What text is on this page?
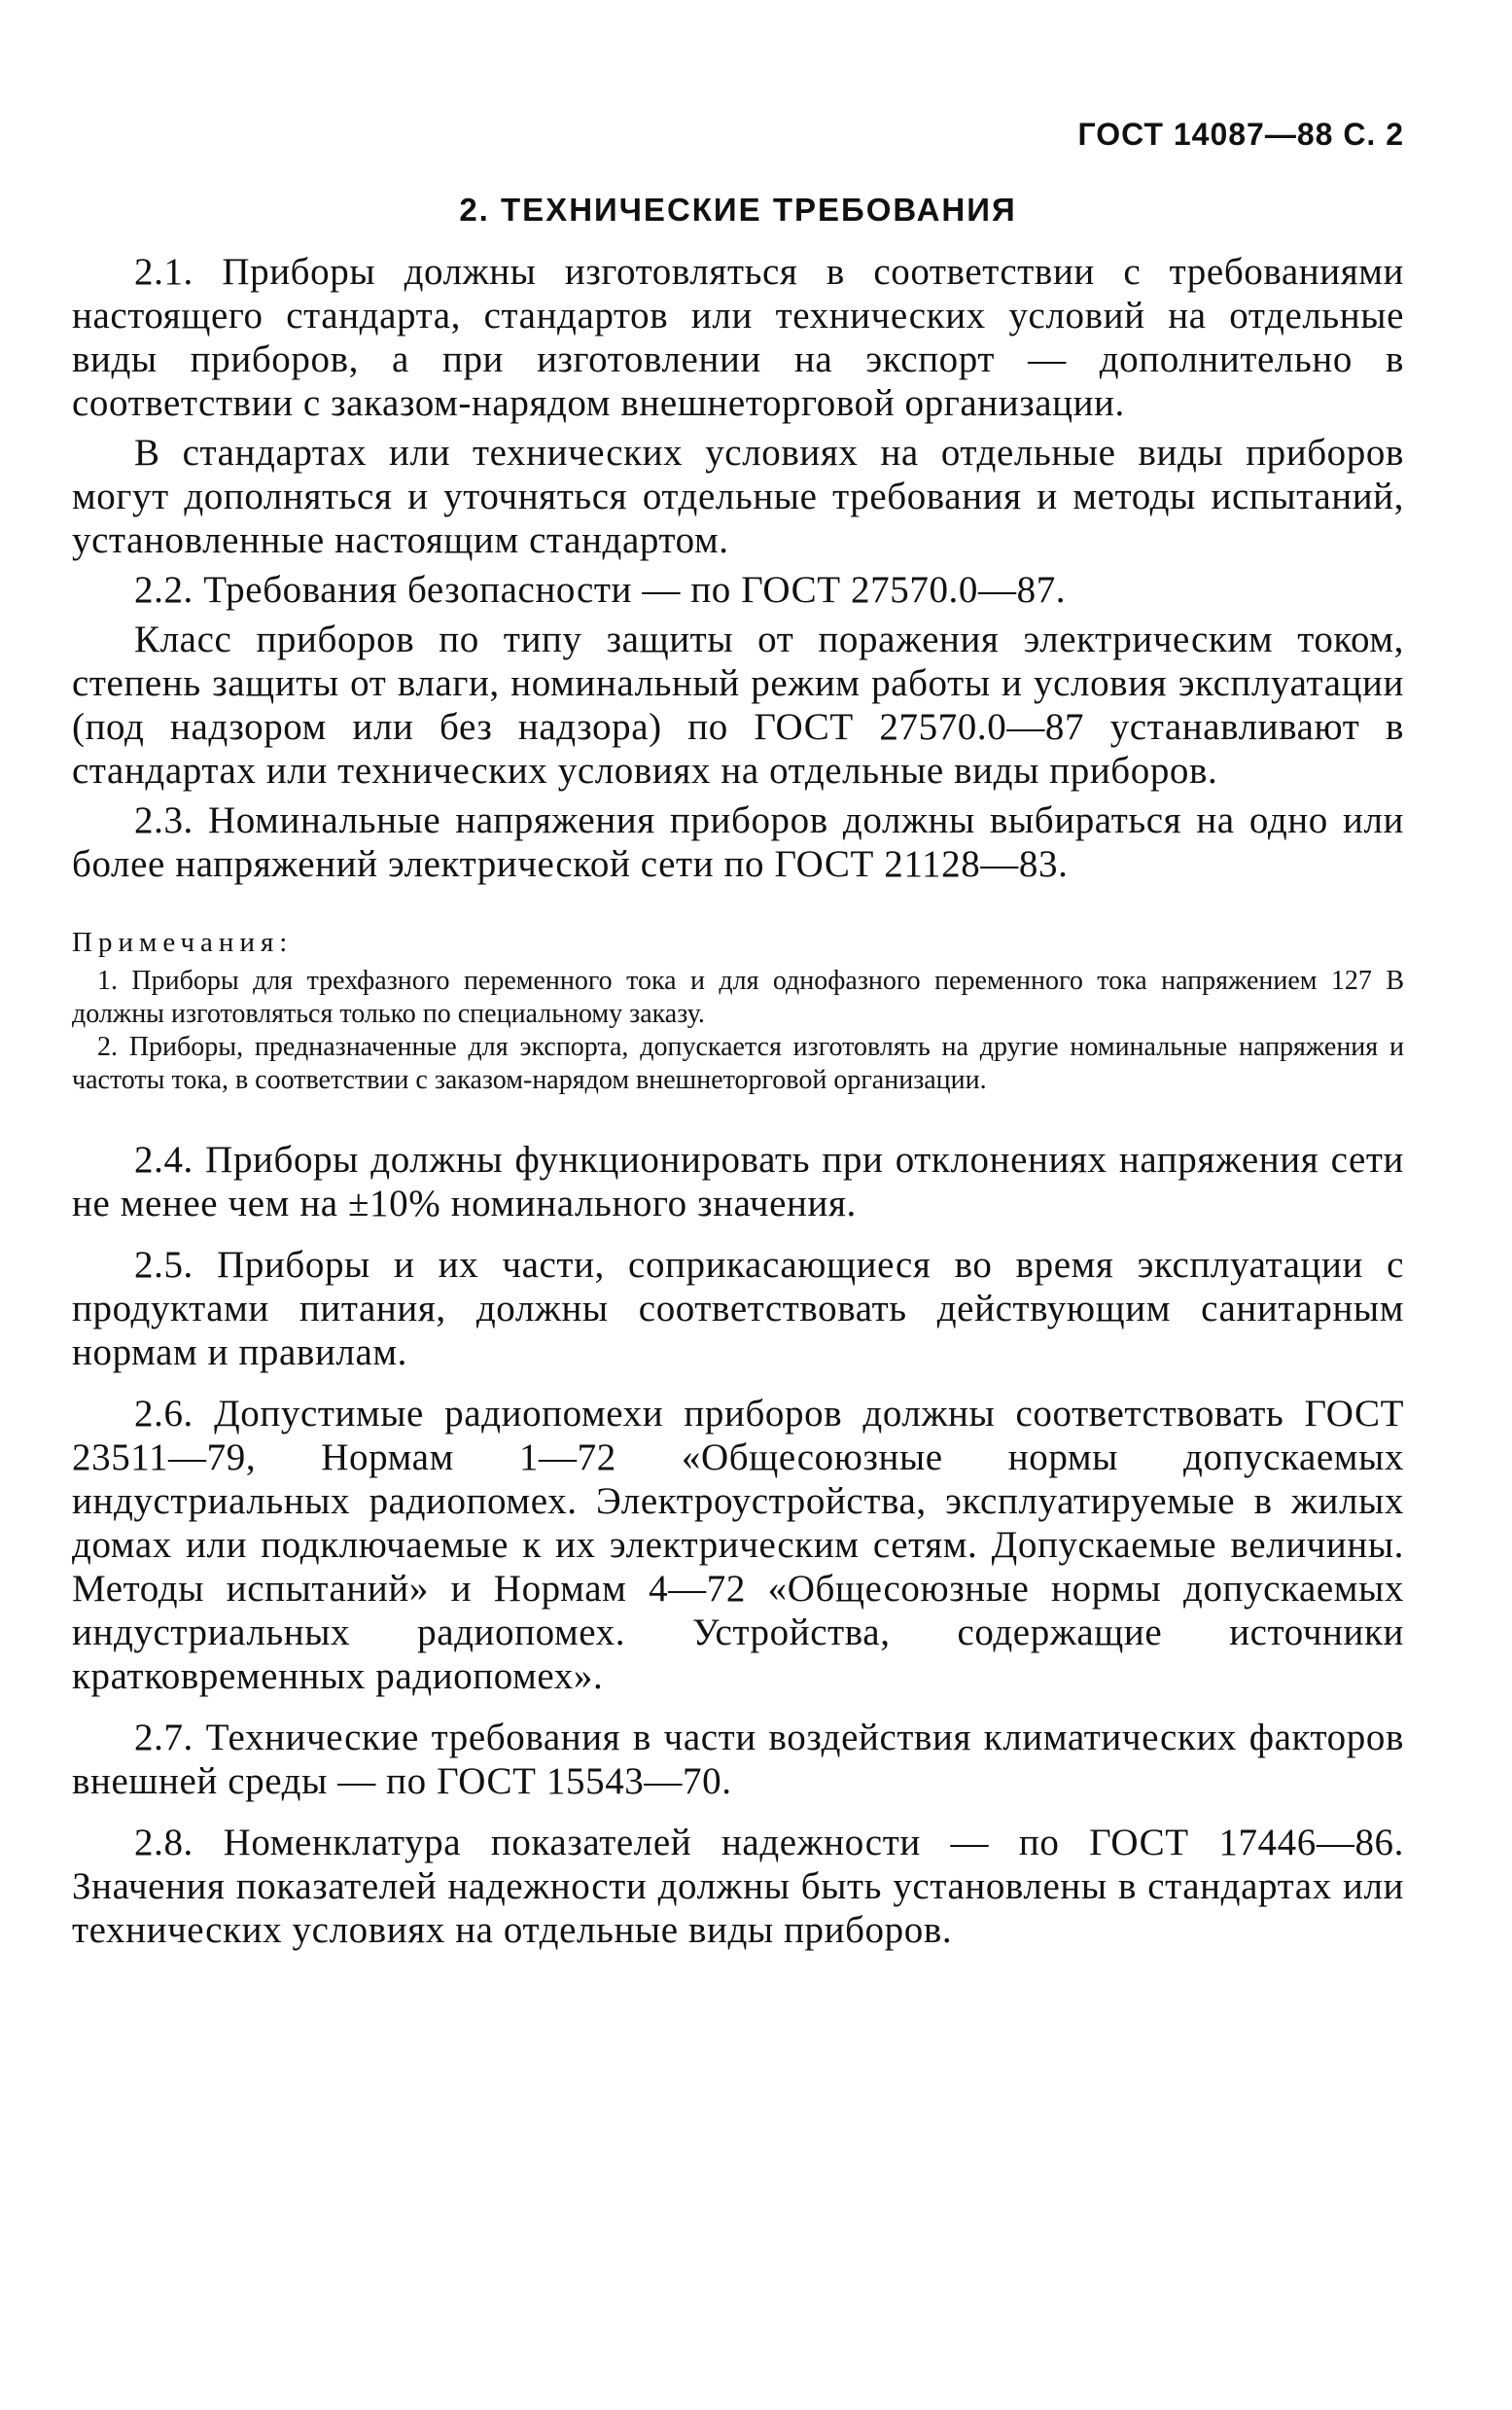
ГОСТ 14087—88 С. 2
2. ТЕХНИЧЕСКИЕ ТРЕБОВАНИЯ

2.1. Приборы должны изготовляться в соответствии с требованиями настоящего стандарта, стандартов или технических условий на отдельные виды приборов, а при изготовлении на экспорт — дополнительно в соответствии с заказом-нарядом внешнеторговой организации.

В стандартах или технических условиях на отдельные виды приборов могут дополняться и уточняться отдельные требования и методы испытаний, установленные настоящим стандартом.

2.2. Требования безопасности — по ГОСТ 27570.0—87.

Класс приборов по типу защиты от поражения электрическим током, степень защиты от влаги, номинальный режим работы и условия эксплуатации (под надзором или без надзора) по ГОСТ 27570.0—87 устанавливают в стандартах или технических условиях на отдельные виды приборов.

2.3. Номинальные напряжения приборов должны выбираться на одно или более напряжений электрической сети по ГОСТ 21128—83.

Примечания:

1. Приборы для трехфазного переменного тока и для однофазного переменного тока напряжением 127 В должны изготовляться только по специальному заказу.

2. Приборы, предназначенные для экспорта, допускается изготовлять на другие номинальные напряжения и частоты тока, в соответствии с заказом-нарядом внешнеторговой организации.

2.4. Приборы должны функционировать при отклонениях напряжения сети не менее чем на ±10% номинального значения.

2.5. Приборы и их части, соприкасающиеся во время эксплуатации с продуктами питания, должны соответствовать действующим санитарным нормам и правилам.

2.6. Допустимые радиопомехи приборов должны соответствовать ГОСТ 23511—79, Нормам 1—72 «Общесоюзные нормы допускаемых индустриальных радиопомех. Электроустройства, эксплуатируемые в жилых домах или подключаемые к их электрическим сетям. Допускаемые величины. Методы испытаний» и Нормам 4—72 «Общесоюзные нормы допускаемых индустриальных радиопомех. Устройства, содержащие источники кратковременных радиопомех».

2.7. Технические требования в части воздействия климатических факторов внешней среды — по ГОСТ 15543—70.

2.8. Номенклатура показателей надежности — по ГОСТ 17446—86. Значения показателей надежности должны быть установлены в стандартах или технических условиях на отдельные виды приборов.
